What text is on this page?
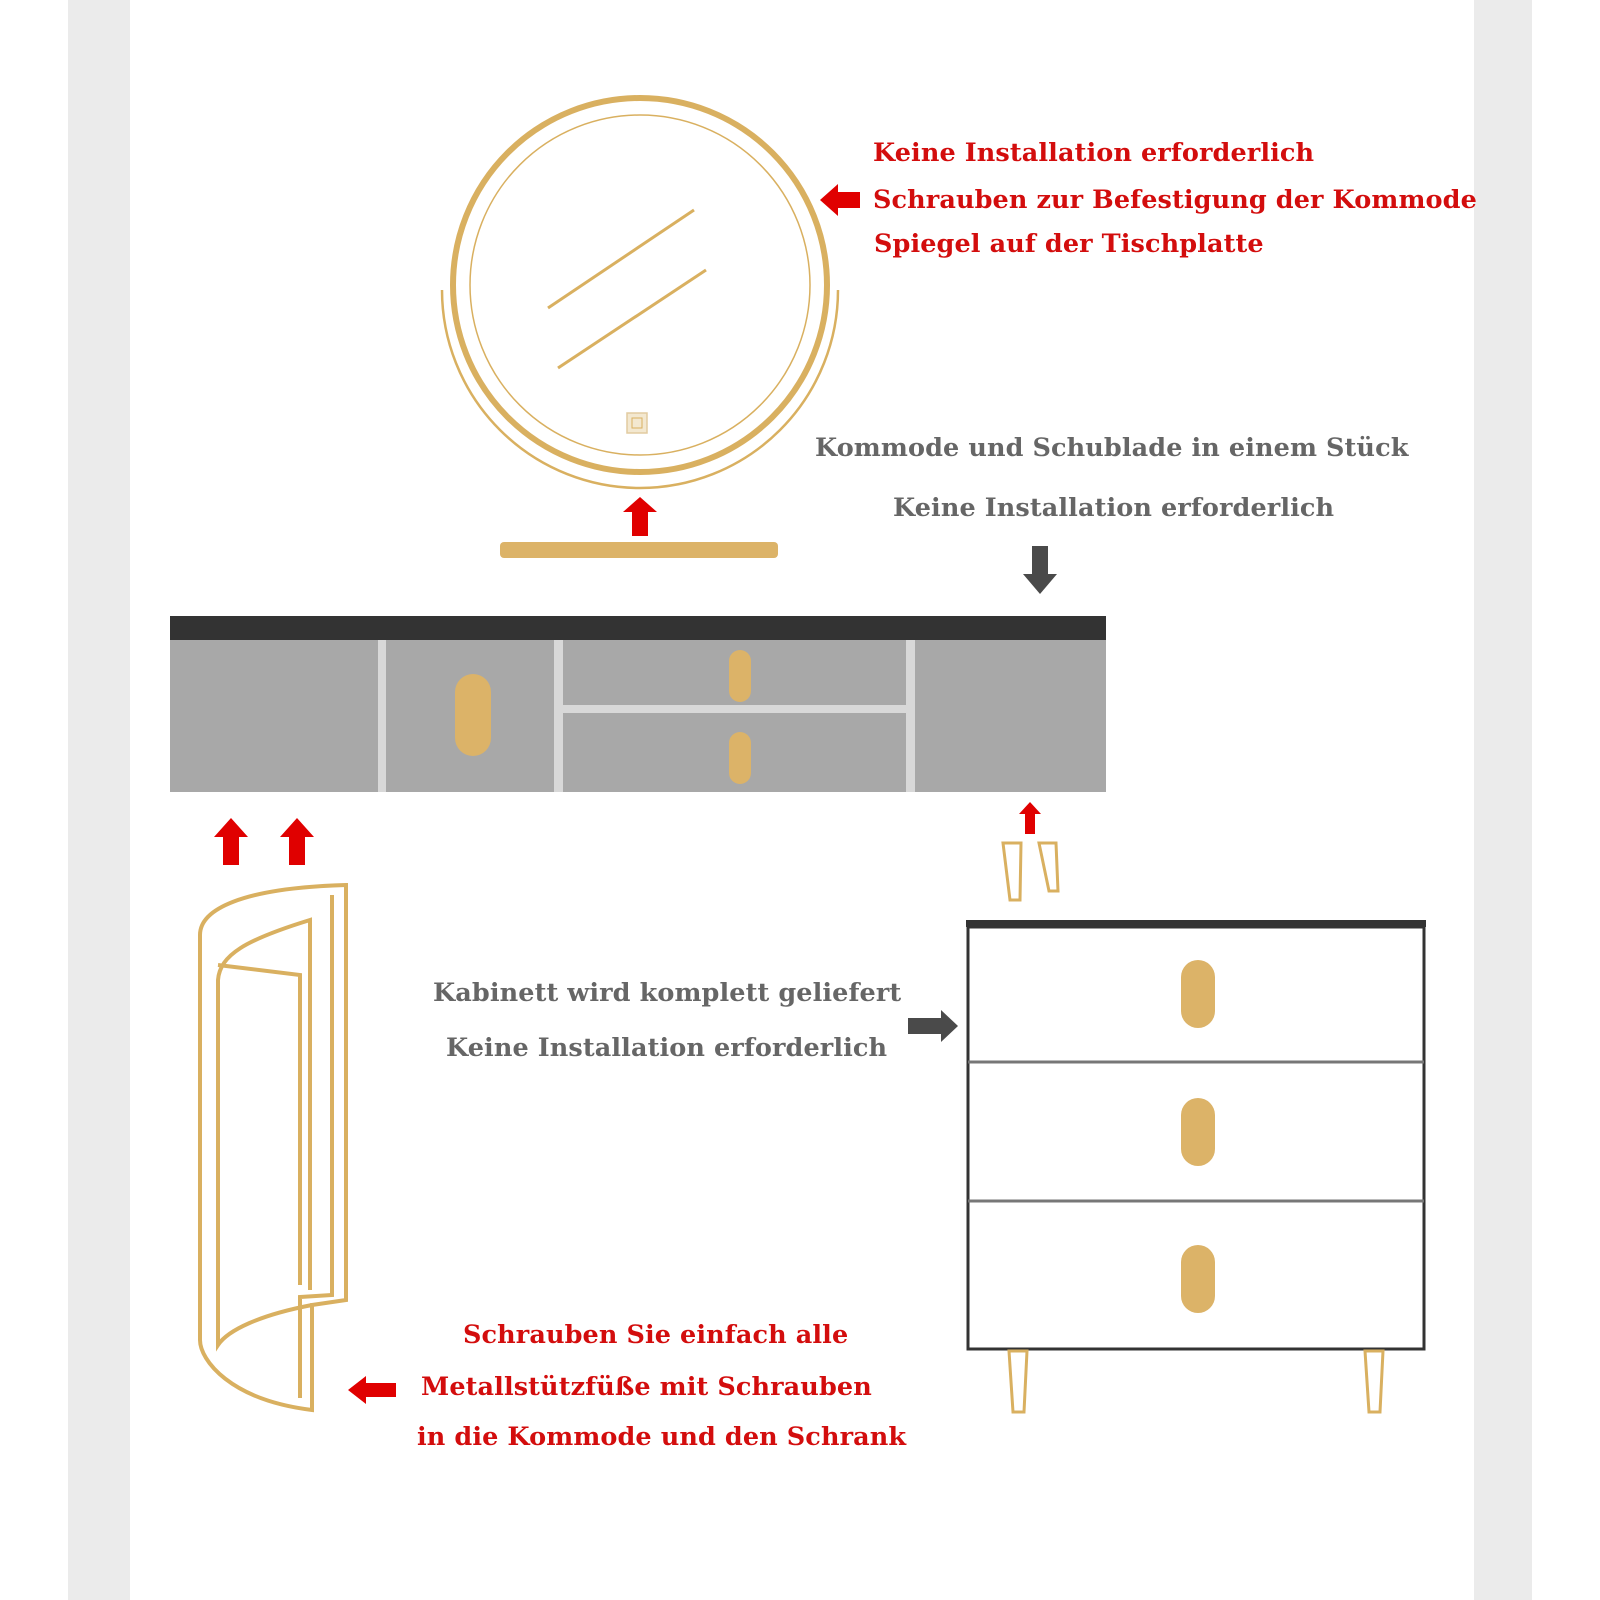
Keine Installation erforderlich
Schrauben zur Befestigung der Kommode
Spiegel auf der Tischplatte
Kommode und Schublade in einem Stück
Keine Installation erforderlich
Kabinett wird komplett geliefert
Keine Installation erforderlich
Schrauben Sie einfach alle
Metallstützfüße mit Schrauben
in die Kommode und den Schrank
